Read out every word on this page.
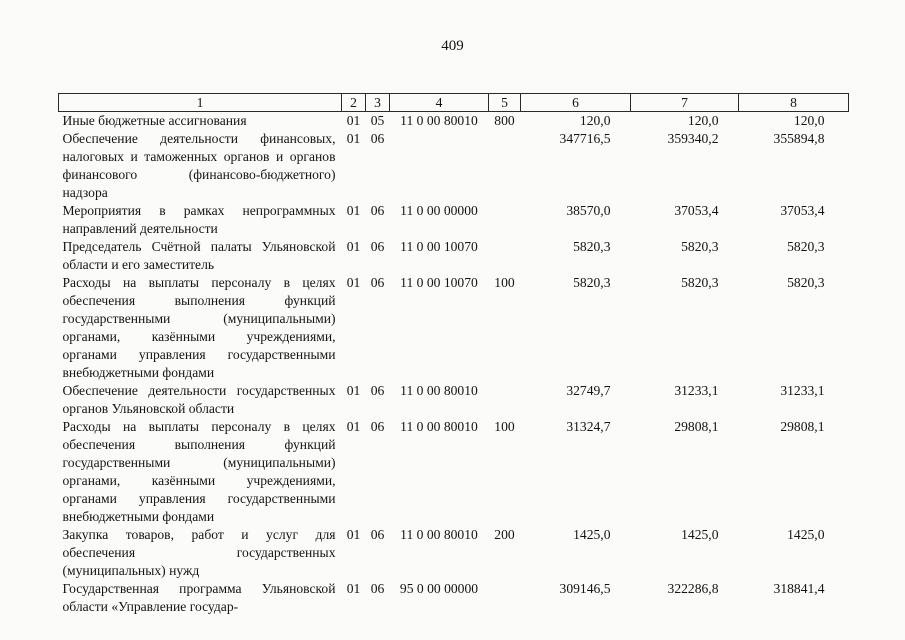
409
1	2	3	4	5	6	7	8
Иные бюджетные ассигнования	01	05	11 0 00 80010	800	120,0	120,0	120,0
Обеспечение деятельности финансовых, налоговых и таможенных органов и органов финансового (финансово-бюджетного) надзора	01	06			347716,5	359340,2	355894,8
Мероприятия в рамках непрограммных направлений деятельности	01	06	11 0 00 00000		38570,0	37053,4	37053,4
Председатель Счётной палаты Ульяновской области и его заместитель	01	06	11 0 00 10070		5820,3	5820,3	5820,3
Расходы на выплаты персоналу в целях обеспечения выполнения функций государственными (муниципальными) органами, казёнными учреждениями, органами управления государственными внебюджетными фондами	01	06	11 0 00 10070	100	5820,3	5820,3	5820,3
Обеспечение деятельности государственных органов Ульяновской области	01	06	11 0 00 80010		32749,7	31233,1	31233,1
Расходы на выплаты персоналу в целях обеспечения выполнения функций государственными (муниципальными) органами, казёнными учреждениями, органами управления государственными внебюджетными фондами	01	06	11 0 00 80010	100	31324,7	29808,1	29808,1
Закупка товаров, работ и услуг для обеспечения государственных (муниципальных) нужд	01	06	11 0 00 80010	200	1425,0	1425,0	1425,0
Государственная программа Ульяновской области «Управление государ-	01	06	95 0 00 00000		309146,5	322286,8	318841,4
